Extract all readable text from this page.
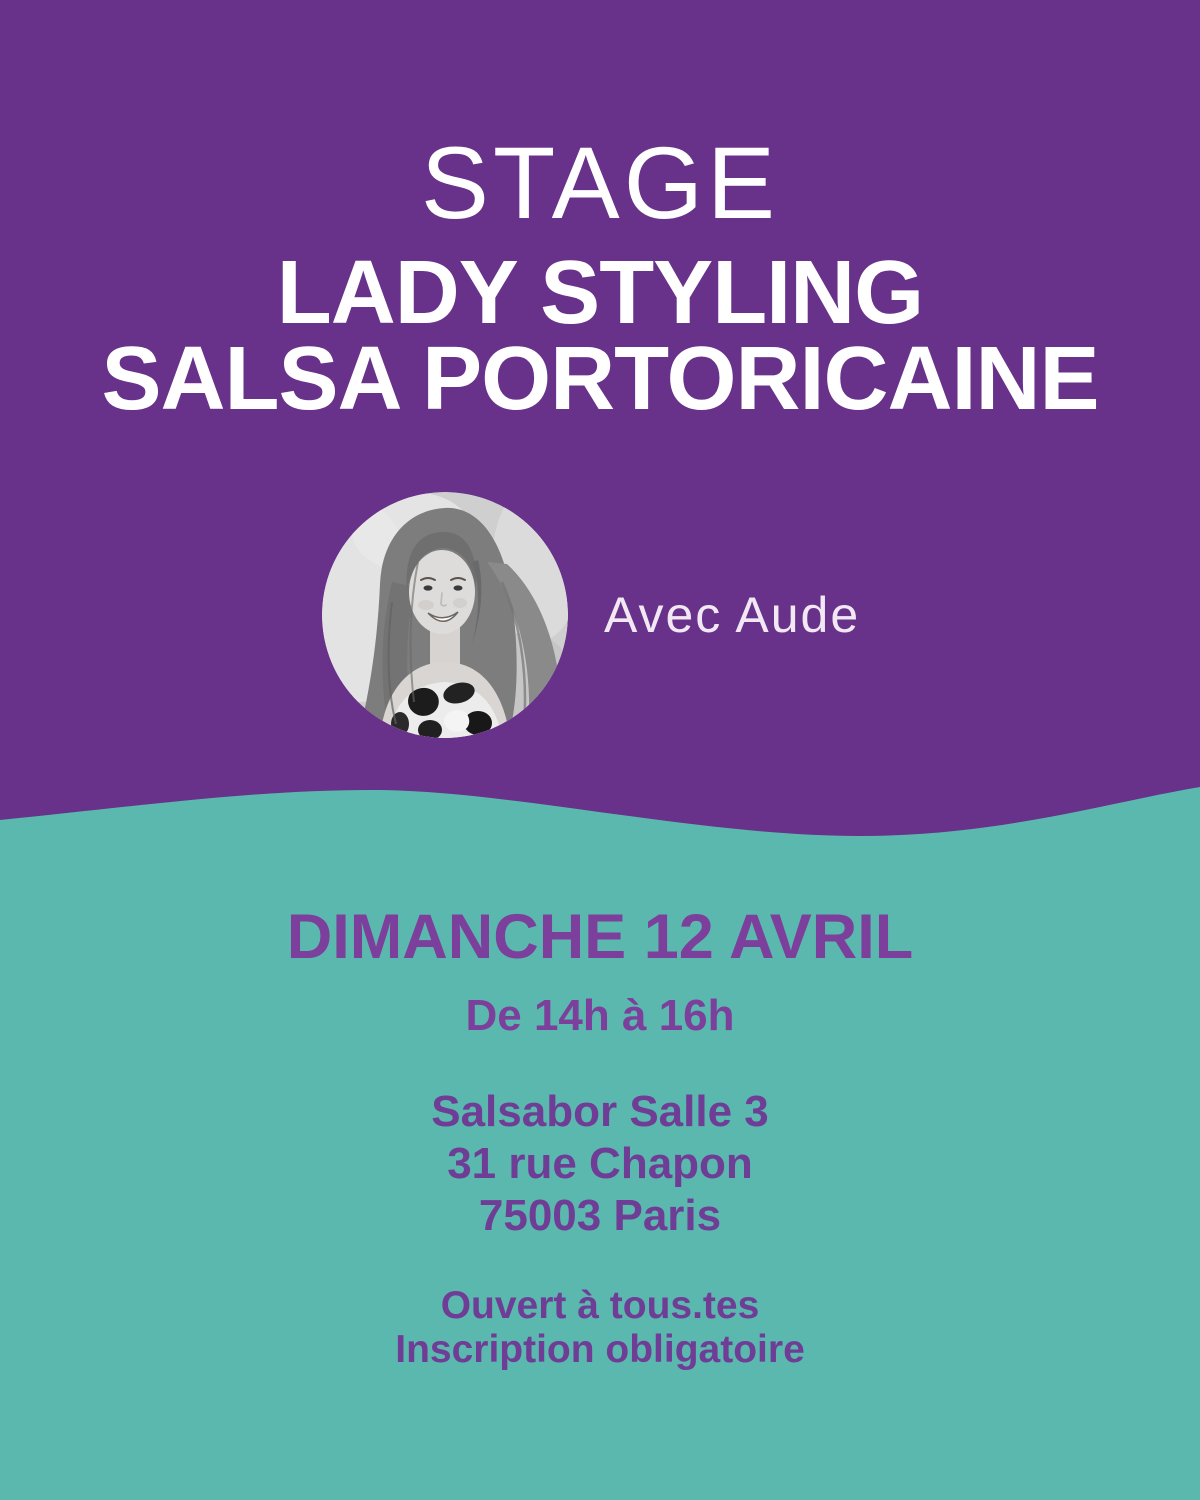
STAGE
LADY STYLING
SALSA PORTORICAINE
Avec Aude
DIMANCHE 12 AVRIL
De 14h à 16h
Salsabor Salle 3
31 rue Chapon
75003 Paris
Ouvert à tous.tes
Inscription obligatoire
